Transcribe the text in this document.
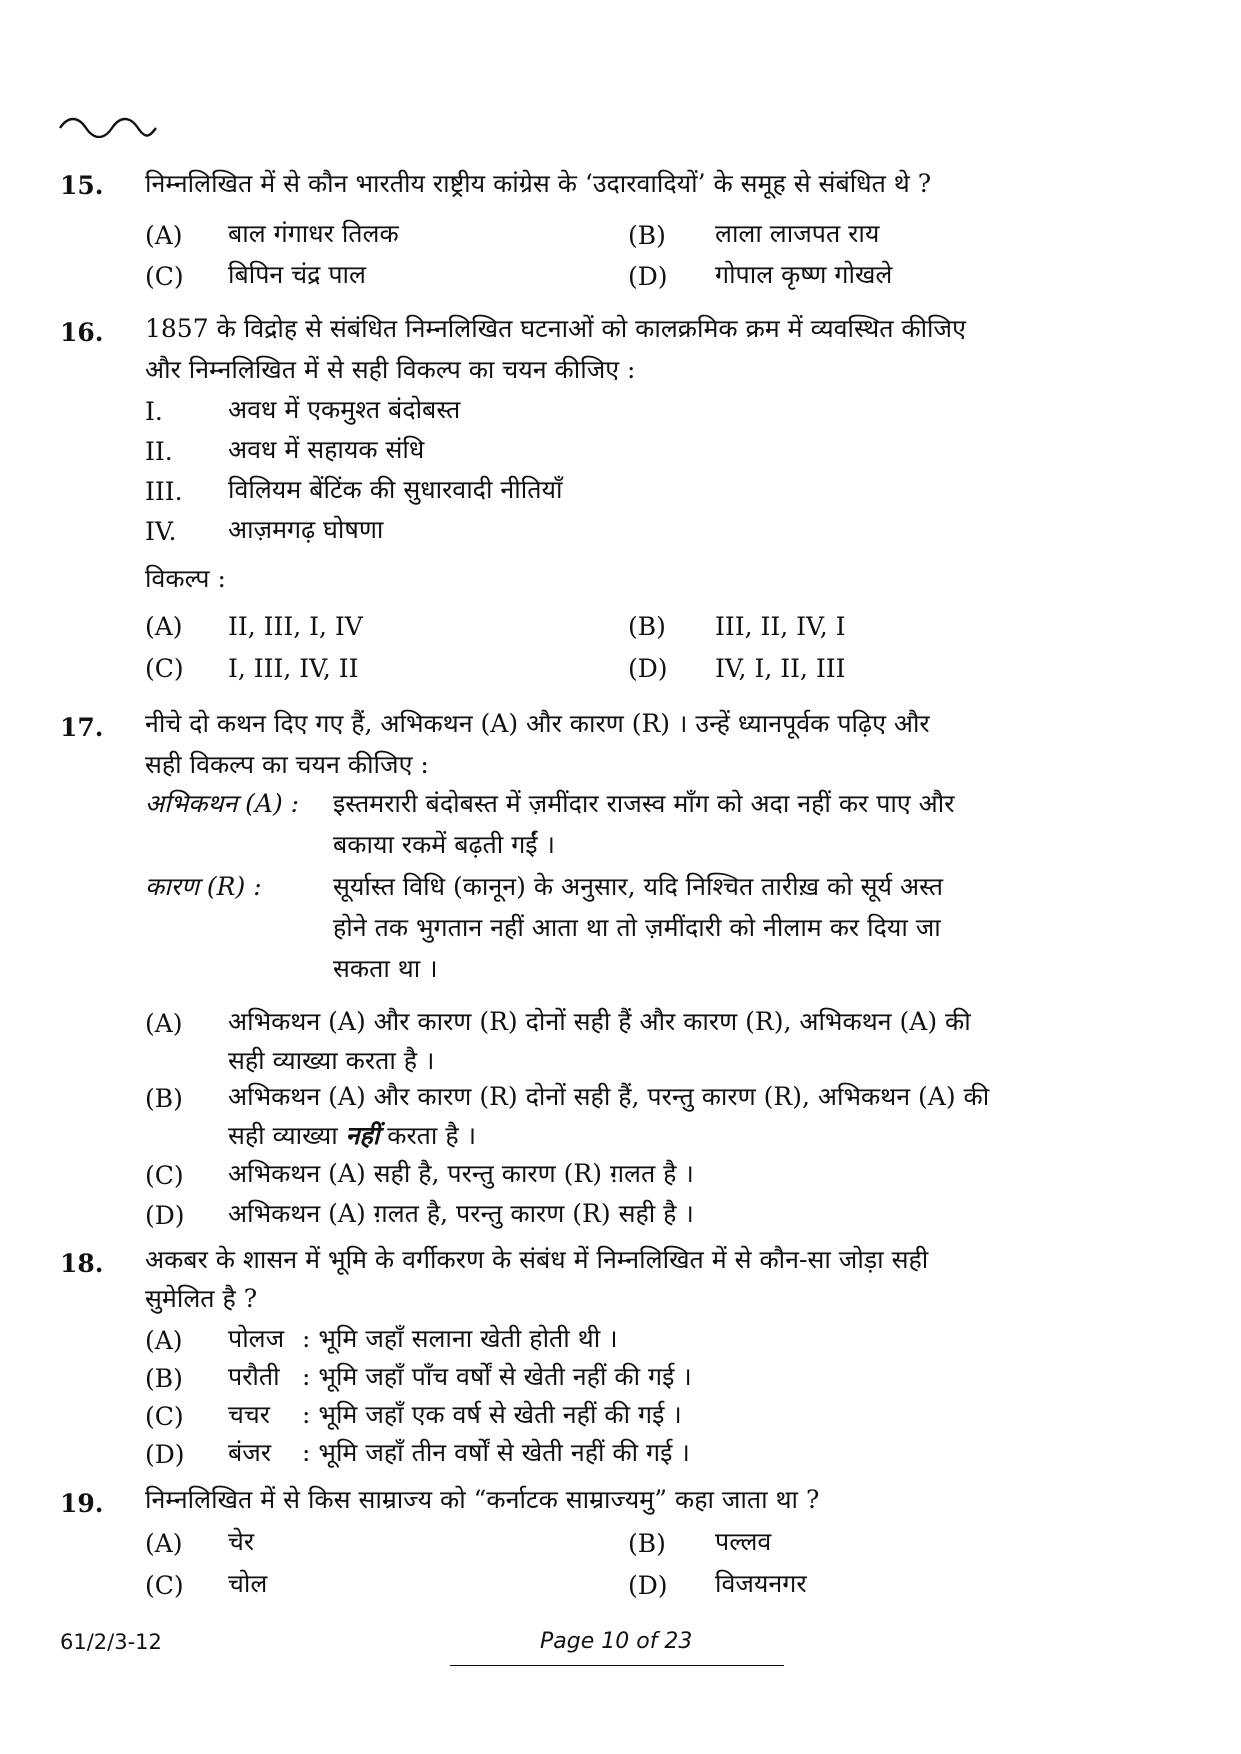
15. निम्नलिखित में से कौन भारतीय राष्ट्रीय कांग्रेस के ‘उदारवादियों’ के समूह से संबंधित थे ?
(A) बाल गंगाधर तिलक	(B) लाला लाजपत राय
(C) बिपिन चंद्र पाल	(D) गोपाल कृष्ण गोखले
16. 1857 के विद्रोह से संबंधित निम्नलिखित घटनाओं को कालक्रमिक क्रम में व्यवस्थित कीजिए
और निम्नलिखित में से सही विकल्प का चयन कीजिए :
I.	अवध में एकमुश्त बंदोबस्त
II. अवध में सहायक संधि
III. विलियम बेंटिंक की सुधारवादी नीतियाँ
IV. आज़मगढ़ घोषणा
विकल्प :
(A) II, III, I, IV	(B) III, II, IV, I
(C) I, III, IV, II	(D) IV, I, II, III
17. नीचे दो कथन दिए गए हैं, अभिकथन (A) और कारण (R) । उन्हें ध्यानपूर्वक पढ़िए और
सही विकल्प का चयन कीजिए :
अभिकथन (A) : इस्तमरारी बंदोबस्त में ज़मींदार राजस्व माँग को अदा नहीं कर पाए और
बकाया रकमें बढ़ती गईं ।
कारण (R) :	सूर्यास्त विधि (कानून) के अनुसार, यदि निश्चित तारीख़ को सूर्य अस्त
होने तक भुगतान नहीं आता था तो ज़मींदारी को नीलाम कर दिया जा
सकता था ।
(A) अभिकथन (A) और कारण (R) दोनों सही हैं और कारण (R), अभिकथन (A) की
सही व्याख्या करता है ।
(B) अभिकथन (A) और कारण (R) दोनों सही हैं, परन्तु कारण (R), अभिकथन (A) की
सही व्याख्या नहीं करता है ।
(C) अभिकथन (A) सही है, परन्तु कारण (R) ग़लत है ।
(D) अभिकथन (A) ग़लत है, परन्तु कारण (R) सही है ।
18. अकबर के शासन में भूमि के वर्गीकरण के संबंध में निम्नलिखित में से कौन-सा जोड़ा सही
सुमेलित है ?
(A) पोलज : भूमि जहाँ सलाना खेती होती थी ।
(B) परौती : भूमि जहाँ पाँच वर्षों से खेती नहीं की गई ।
(C) चचर : भूमि जहाँ एक वर्ष से खेती नहीं की गई ।
(D) बंजर : भूमि जहाँ तीन वर्षों से खेती नहीं की गई ।
19. निम्नलिखित में से किस साम्राज्य को “कर्नाटक साम्राज्यमु” कहा जाता था ?
(A) चेर	(B) पल्लव
(C) चोल	(D) विजयनगर
61/2/3-12	Page 10 of 23
